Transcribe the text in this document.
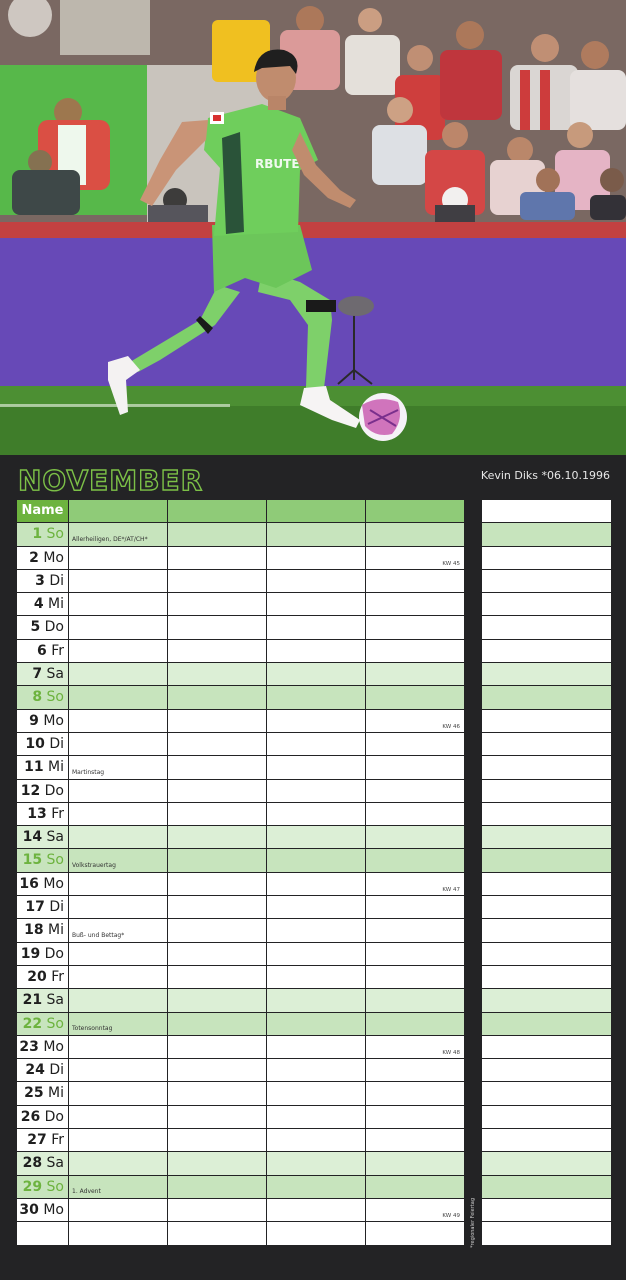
RBUTE
NOVEMBER	Kevin Diks *06.10.1996
Name
1 So Allerheiligen, DE*/AT/CH*
2 Mo	KW 45
3 Di
4 Mi
5 Do
6 Fr
7 Sa
8 So
9 Mo	KW 46
10 Di
11 Mi Martinstag
12 Do
13 Fr
14 Sa
15 So Volkstrauertag
16 Mo	KW 47
17 Di
18 Mi Buß- und Bettag*
19 Do
20 Fr
21 Sa
22 So Totensonntag
23 Mo	KW 48
24 Di
25 Mi
26 Do
27 Fr
28 Sa
29 So 1. Advent
30 Mo	KW 49 *regionaler Feiertag
